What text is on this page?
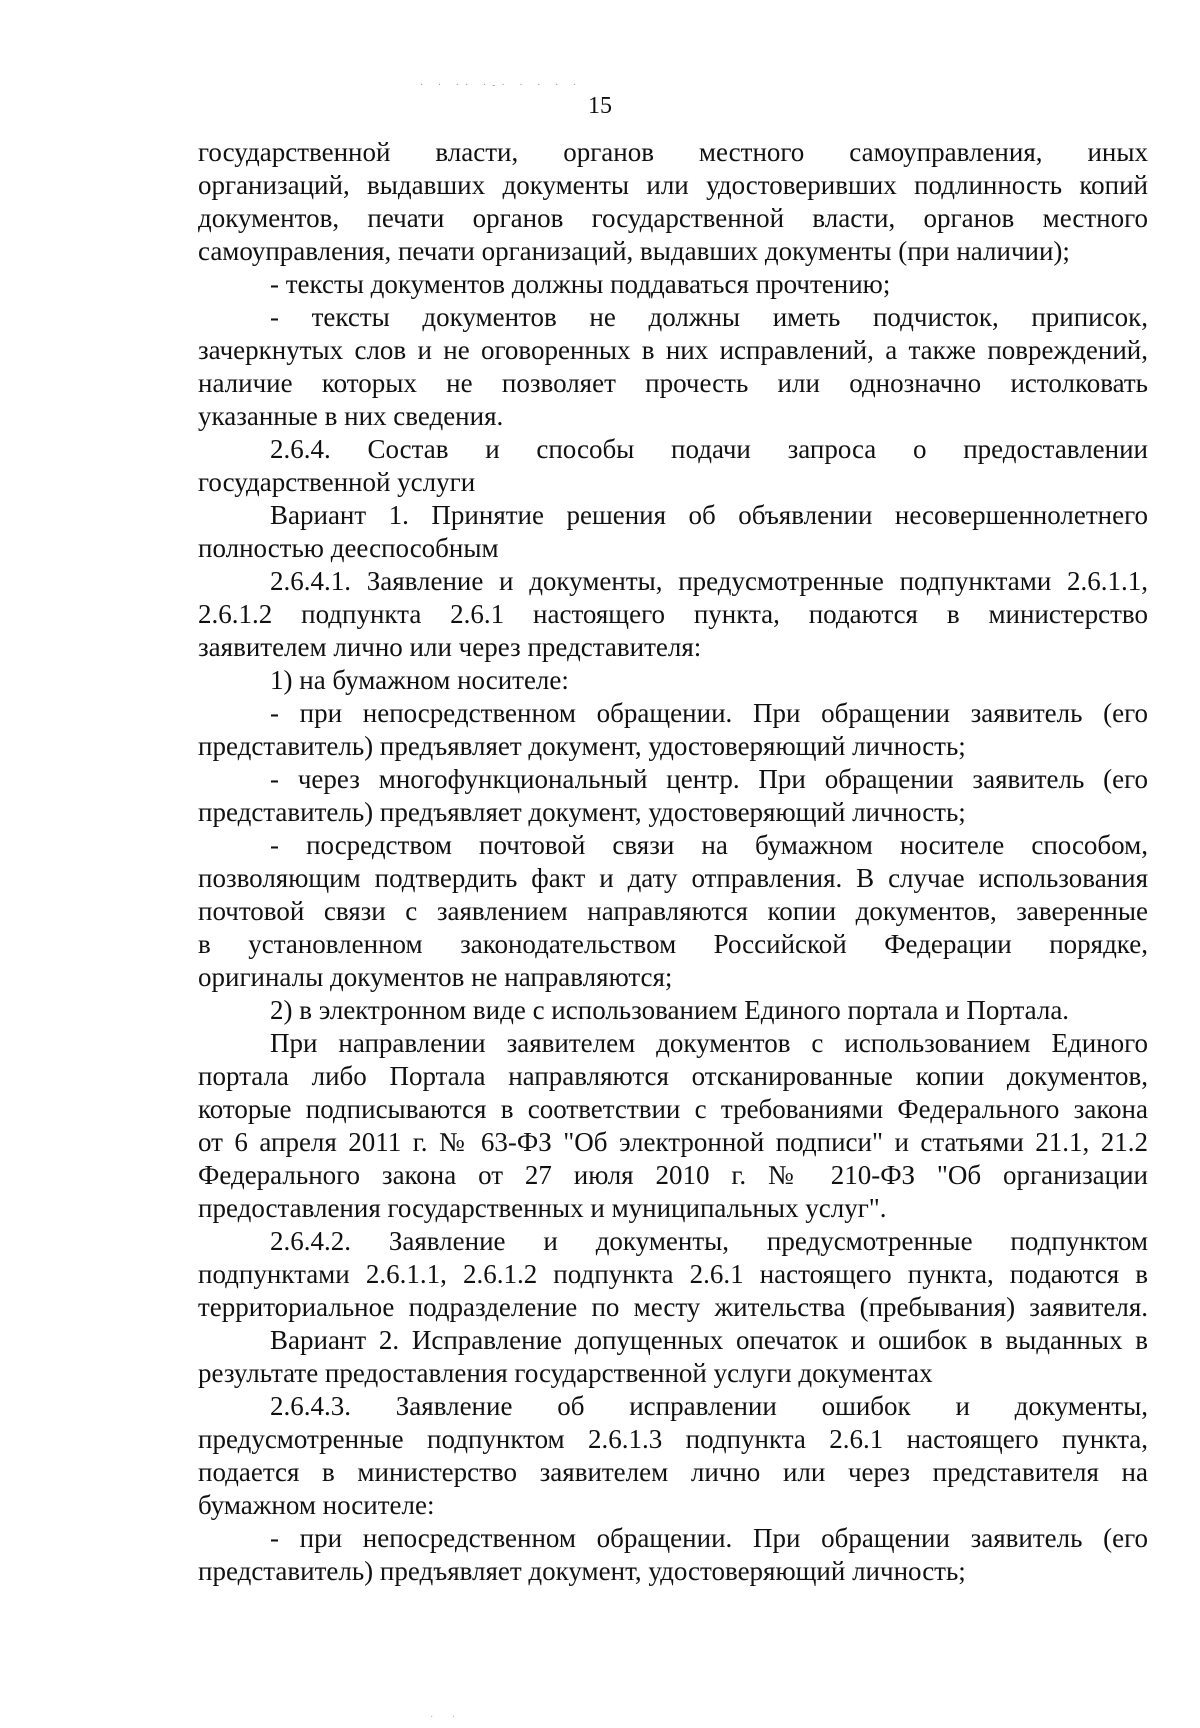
· · ·· ·-· · · · ·
15
государственной власти, органов местного самоуправления, иных
организаций, выдавших документы или удостоверивших подлинность копий
документов, печати органов государственной власти, органов местного
самоуправления, печати организаций, выдавших документы (при наличии);
- тексты документов должны поддаваться прочтению;
- тексты документов не должны иметь подчисток, приписок,
зачеркнутых слов и не оговоренных в них исправлений, а также повреждений,
наличие которых не позволяет прочесть или однозначно истолковать
указанные в них сведения.
2.6.4. Состав и способы подачи запроса о предоставлении
государственной услуги
Вариант 1. Принятие решения об объявлении несовершеннолетнего
полностью дееспособным
2.6.4.1. Заявление и документы, предусмотренные подпунктами 2.6.1.1,
2.6.1.2 подпункта 2.6.1 настоящего пункта, подаются в министерство
заявителем лично или через представителя:
1) на бумажном носителе:
- при непосредственном обращении. При обращении заявитель (его
представитель) предъявляет документ, удостоверяющий личность;
- через многофункциональный центр. При обращении заявитель (его
представитель) предъявляет документ, удостоверяющий личность;
- посредством почтовой связи на бумажном носителе способом,
позволяющим подтвердить факт и дату отправления. В случае использования
почтовой связи с заявлением направляются копии документов, заверенные
в установленном законодательством Российской Федерации порядке,
оригиналы документов не направляются;
2) в электронном виде с использованием Единого портала и Портала.
При направлении заявителем документов с использованием Единого
портала либо Портала направляются отсканированные копии документов,
которые подписываются в соответствии с требованиями Федерального закона
от 6 апреля 2011 г. № 63-ФЗ "Об электронной подписи" и статьями 21.1, 21.2
Федерального закона от 27 июля 2010 г. № 210-ФЗ "Об организации
предоставления государственных и муниципальных услуг".
2.6.4.2. Заявление и документы, предусмотренные подпунктом
подпунктами 2.6.1.1, 2.6.1.2 подпункта 2.6.1 настоящего пункта, подаются в
территориальное подразделение по месту жительства (пребывания) заявителя.
Вариант 2. Исправление допущенных опечаток и ошибок в выданных в
результате предоставления государственной услуги документах
2.6.4.3. Заявление об исправлении ошибок и документы,
предусмотренные подпунктом 2.6.1.3 подпункта 2.6.1 настоящего пункта,
подается в министерство заявителем лично или через представителя на
бумажном носителе:
- при непосредственном обращении. При обращении заявитель (его
представитель) предъявляет документ, удостоверяющий личность;
· ·
